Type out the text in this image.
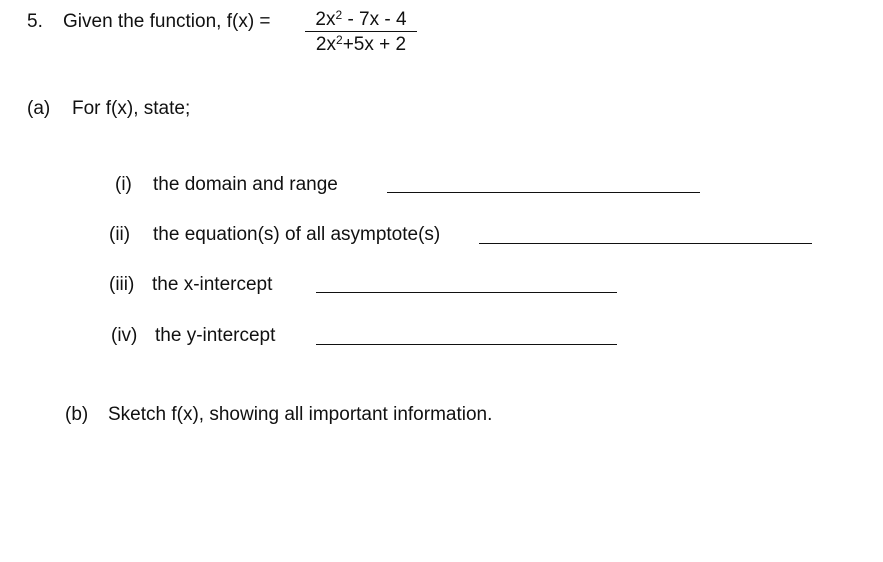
5. Given the function, $f(x) = \frac{2x^2 - 7x - 4}{2x^2+5x + 2}$
(a) For f(x), state;
(i) the domain and range
(ii) the equation(s) of all asymptote(s)
(iii) the x-intercept
(iv) the y-intercept
(b) Sketch f(x), showing all important information.
